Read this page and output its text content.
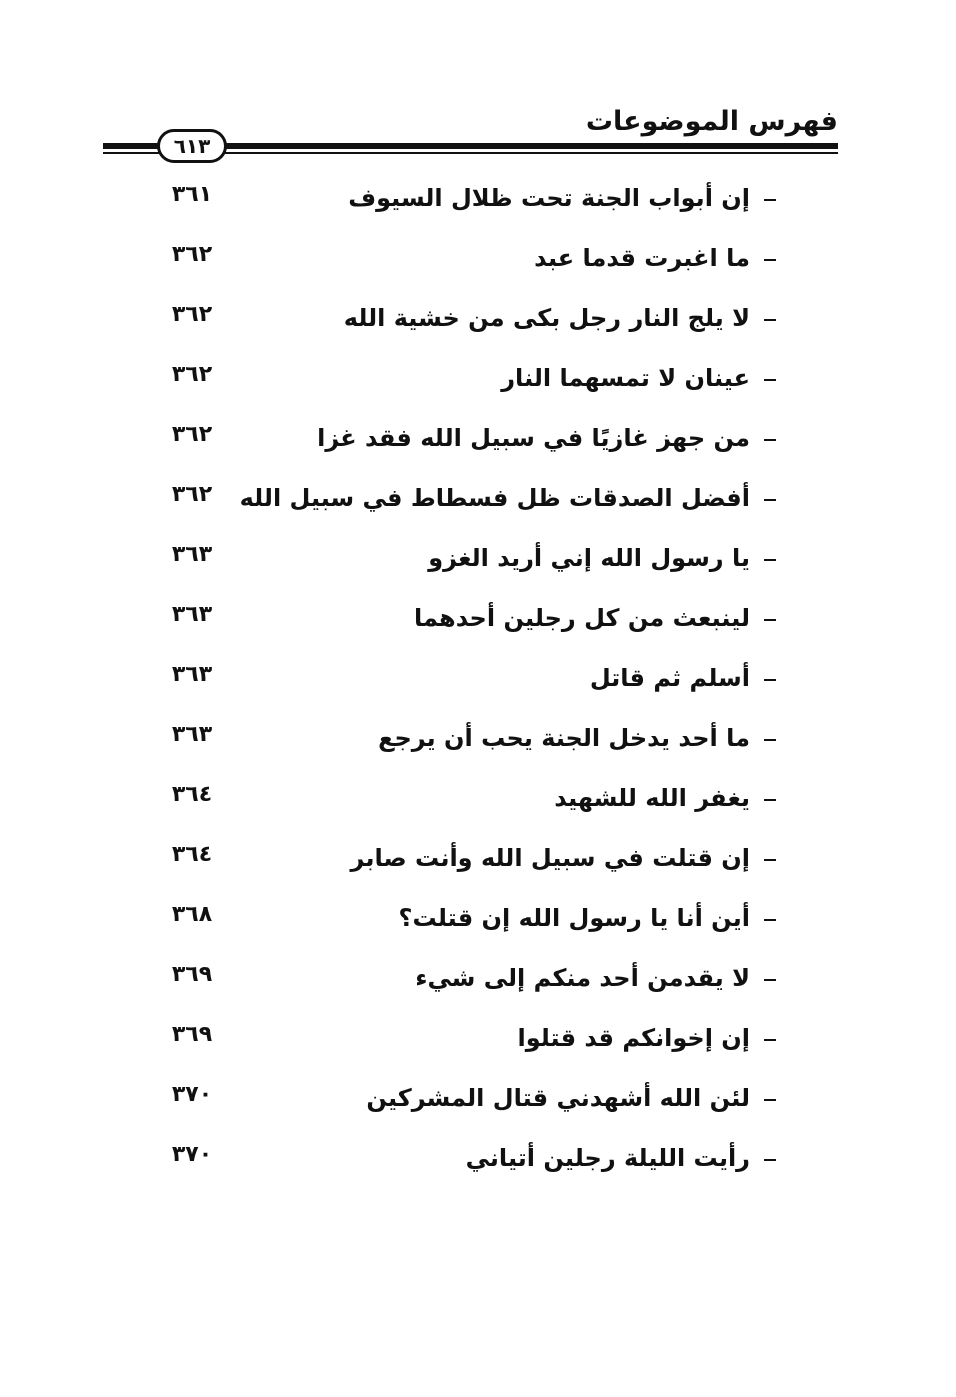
فهرس الموضوعات
٦١٣
إن أبواب الجنة تحت ظلال السيوف
٣٦١
ما اغبرت قدما عبد
٣٦٢
لا يلج النار رجل بكى من خشية الله
٣٦٢
عينان لا تمسهما النار
٣٦٢
من جهز غازيًا في سبيل الله فقد غزا
٣٦٢
أفضل الصدقات ظل فسطاط في سبيل الله
٣٦٢
يا رسول الله إني أريد الغزو
٣٦٣
لينبعث من كل رجلين أحدهما
٣٦٣
أسلم ثم قاتل
٣٦٣
ما أحد يدخل الجنة يحب أن يرجع
٣٦٣
يغفر الله للشهيد
٣٦٤
إن قتلت في سبيل الله وأنت صابر
٣٦٤
أين أنا يا رسول الله إن قتلت؟
٣٦٨
لا يقدمن أحد منكم إلى شيء
٣٦٩
إن إخوانكم قد قتلوا
٣٦٩
لئن الله أشهدني قتال المشركين
٣٧٠
رأيت الليلة رجلين أتياني
٣٧٠
